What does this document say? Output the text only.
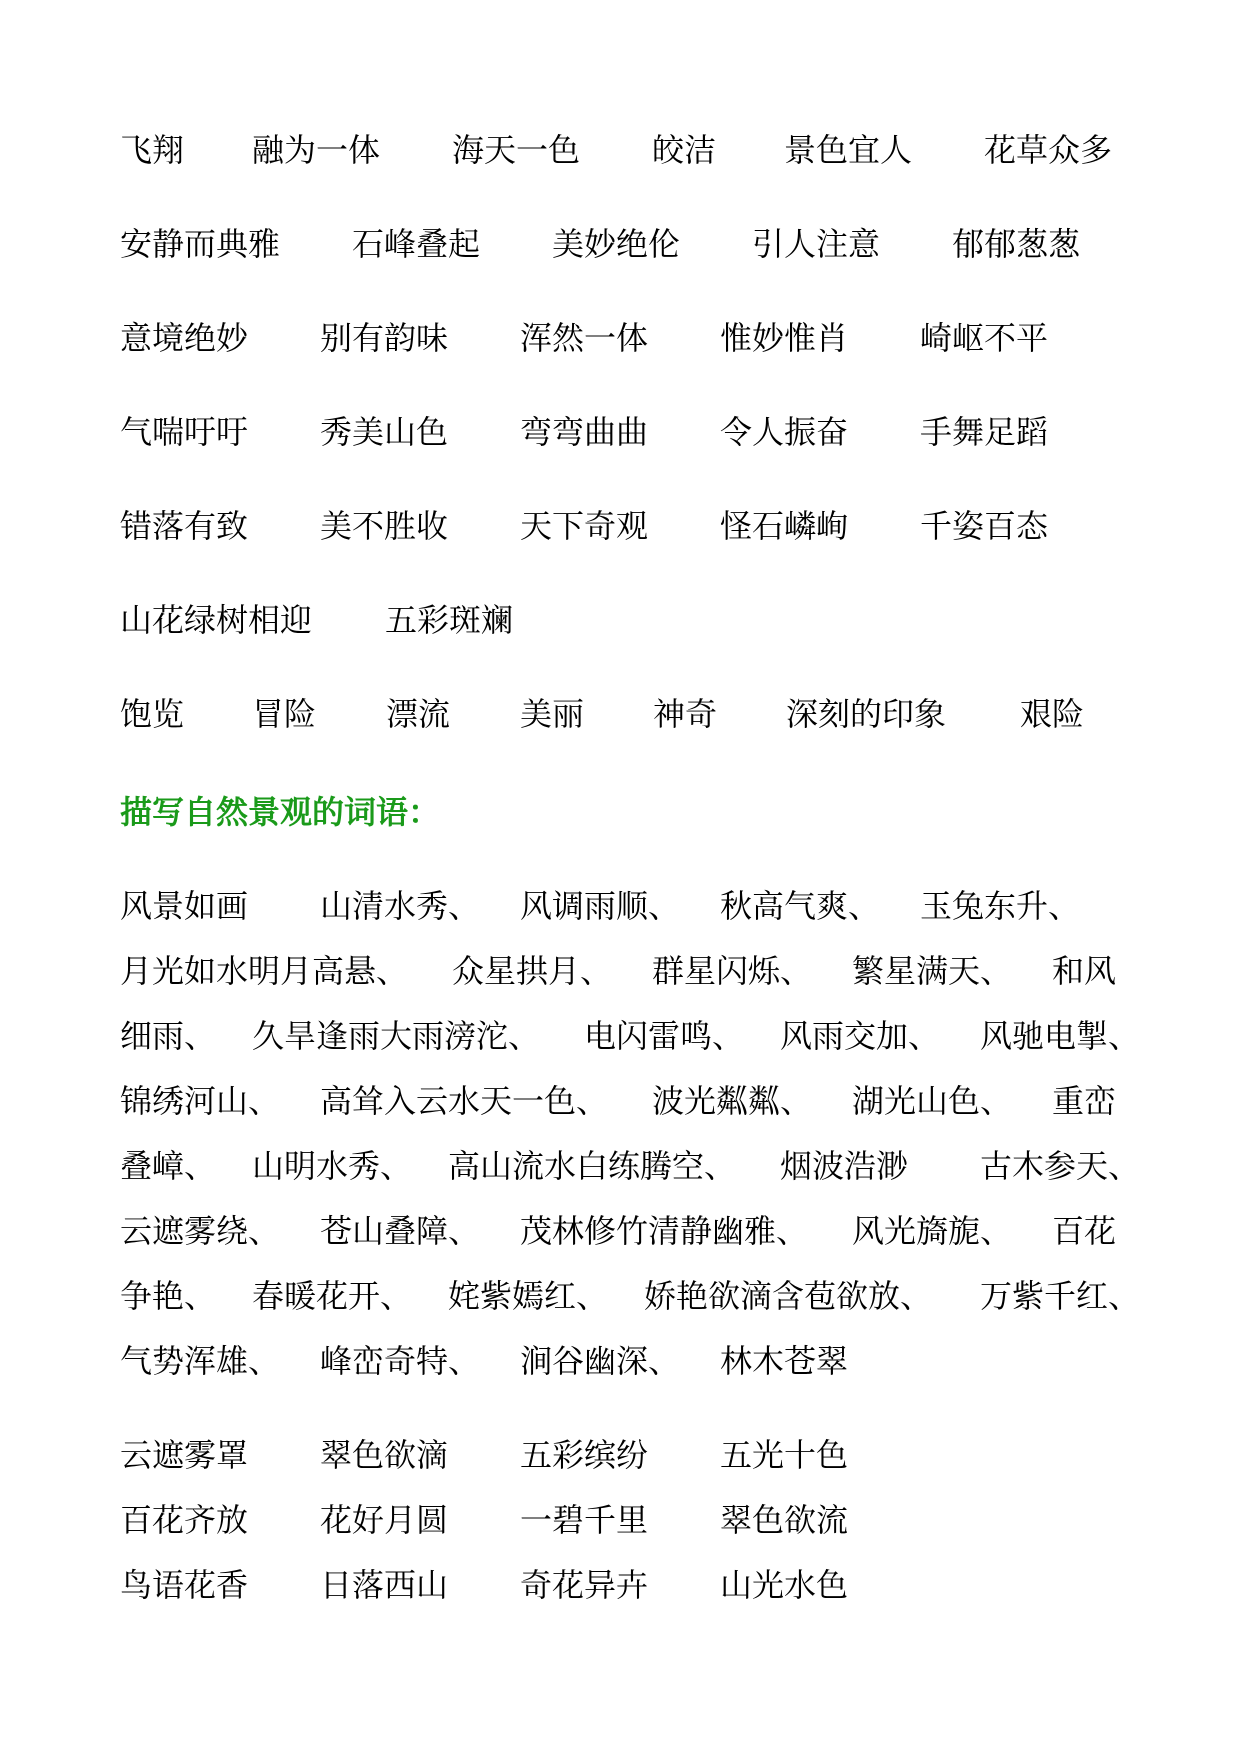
飞翔 融为一体 海天一色 皎洁 景色宜人 花草众多
安静而典雅 石峰叠起 美妙绝伦 引人注意 郁郁葱葱
意境绝妙 别有韵味 浑然一体 惟妙惟肖 崎岖不平
气喘吁吁 秀美山色 弯弯曲曲 令人振奋 手舞足蹈
错落有致 美不胜收 天下奇观 怪石嶙峋 千姿百态
山花绿树相迎 五彩斑斓
饱览 冒险 漂流 美丽 神奇 深刻的印象 艰险
描写自然景观的词语：
风景如画 山清水秀、 风调雨顺、 秋高气爽、 玉兔东升、
月光如水明月高悬、 众星拱月、 群星闪烁、 繁星满天、 和风
细雨、 久旱逢雨大雨滂沱、 电闪雷鸣、 风雨交加、 风驰电掣、
锦绣河山、 高耸入云水天一色、 波光粼粼、 湖光山色、 重峦
叠嶂、 山明水秀、 高山流水白练腾空、 烟波浩渺 古木参天、
云遮雾绕、 苍山叠障、 茂林修竹清静幽雅、 风光旖旎、 百花
争艳、 春暖花开、 姹紫嫣红、 娇艳欲滴含苞欲放、 万紫千红、
气势浑雄、 峰峦奇特、 涧谷幽深、 林木苍翠
云遮雾罩 翠色欲滴 五彩缤纷 五光十色
百花齐放 花好月圆 一碧千里 翠色欲流
鸟语花香 日落西山 奇花异卉 山光水色
